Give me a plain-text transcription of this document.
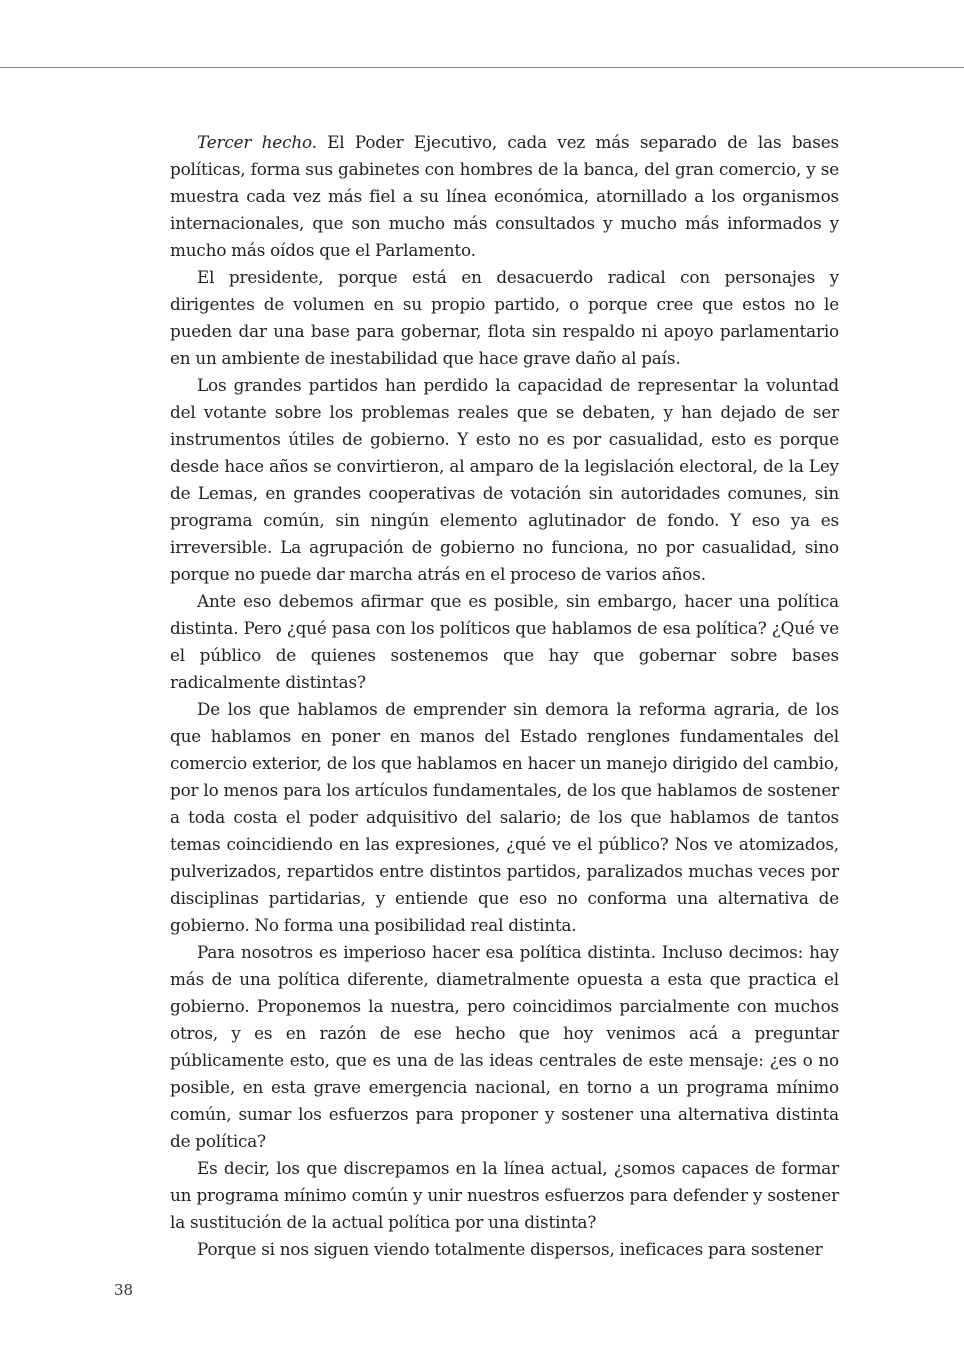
Tercer hecho. El Poder Ejecutivo, cada vez más separado de las bases políticas, forma sus gabinetes con hombres de la banca, del gran comercio, y se muestra cada vez más fiel a su línea económica, atornillado a los organismos internacionales, que son mucho más consultados y mucho más informados y mucho más oídos que el Parlamento.

El presidente, porque está en desacuerdo radical con personajes y dirigentes de volumen en su propio partido, o porque cree que estos no le pueden dar una base para gobernar, flota sin respaldo ni apoyo parlamentario en un ambiente de inestabilidad que hace grave daño al país.

Los grandes partidos han perdido la capacidad de representar la voluntad del votante sobre los problemas reales que se debaten, y han dejado de ser instrumentos útiles de gobierno. Y esto no es por casualidad, esto es porque desde hace años se convirtieron, al amparo de la legislación electoral, de la Ley de Lemas, en grandes cooperativas de votación sin autoridades comunes, sin programa común, sin ningún elemento aglutinador de fondo. Y eso ya es irreversible. La agrupación de gobierno no funciona, no por casualidad, sino porque no puede dar marcha atrás en el proceso de varios años.

Ante eso debemos afirmar que es posible, sin embargo, hacer una política distinta. Pero ¿qué pasa con los políticos que hablamos de esa política? ¿Qué ve el público de quienes sostenemos que hay que gobernar sobre bases radicalmente distintas?

De los que hablamos de emprender sin demora la reforma agraria, de los que hablamos en poner en manos del Estado renglones fundamentales del comercio exterior, de los que hablamos en hacer un manejo dirigido del cambio, por lo menos para los artículos fundamentales, de los que hablamos de sostener a toda costa el poder adquisitivo del salario; de los que hablamos de tantos temas coincidiendo en las expresiones, ¿qué ve el público? Nos ve atomizados, pulverizados, repartidos entre distintos partidos, paralizados muchas veces por disciplinas partidarias, y entiende que eso no conforma una alternativa de gobierno. No forma una posibilidad real distinta.

Para nosotros es imperioso hacer esa política distinta. Incluso decimos: hay más de una política diferente, diametralmente opuesta a esta que practica el gobierno. Proponemos la nuestra, pero coincidimos parcialmente con muchos otros, y es en razón de ese hecho que hoy venimos acá a preguntar públicamente esto, que es una de las ideas centrales de este mensaje: ¿es o no posible, en esta grave emergencia nacional, en torno a un programa mínimo común, sumar los esfuerzos para proponer y sostener una alternativa distinta de política?

Es decir, los que discrepamos en la línea actual, ¿somos capaces de formar un programa mínimo común y unir nuestros esfuerzos para defender y sostener la sustitución de la actual política por una distinta?

Porque si nos siguen viendo totalmente dispersos, ineficaces para sostener

38
